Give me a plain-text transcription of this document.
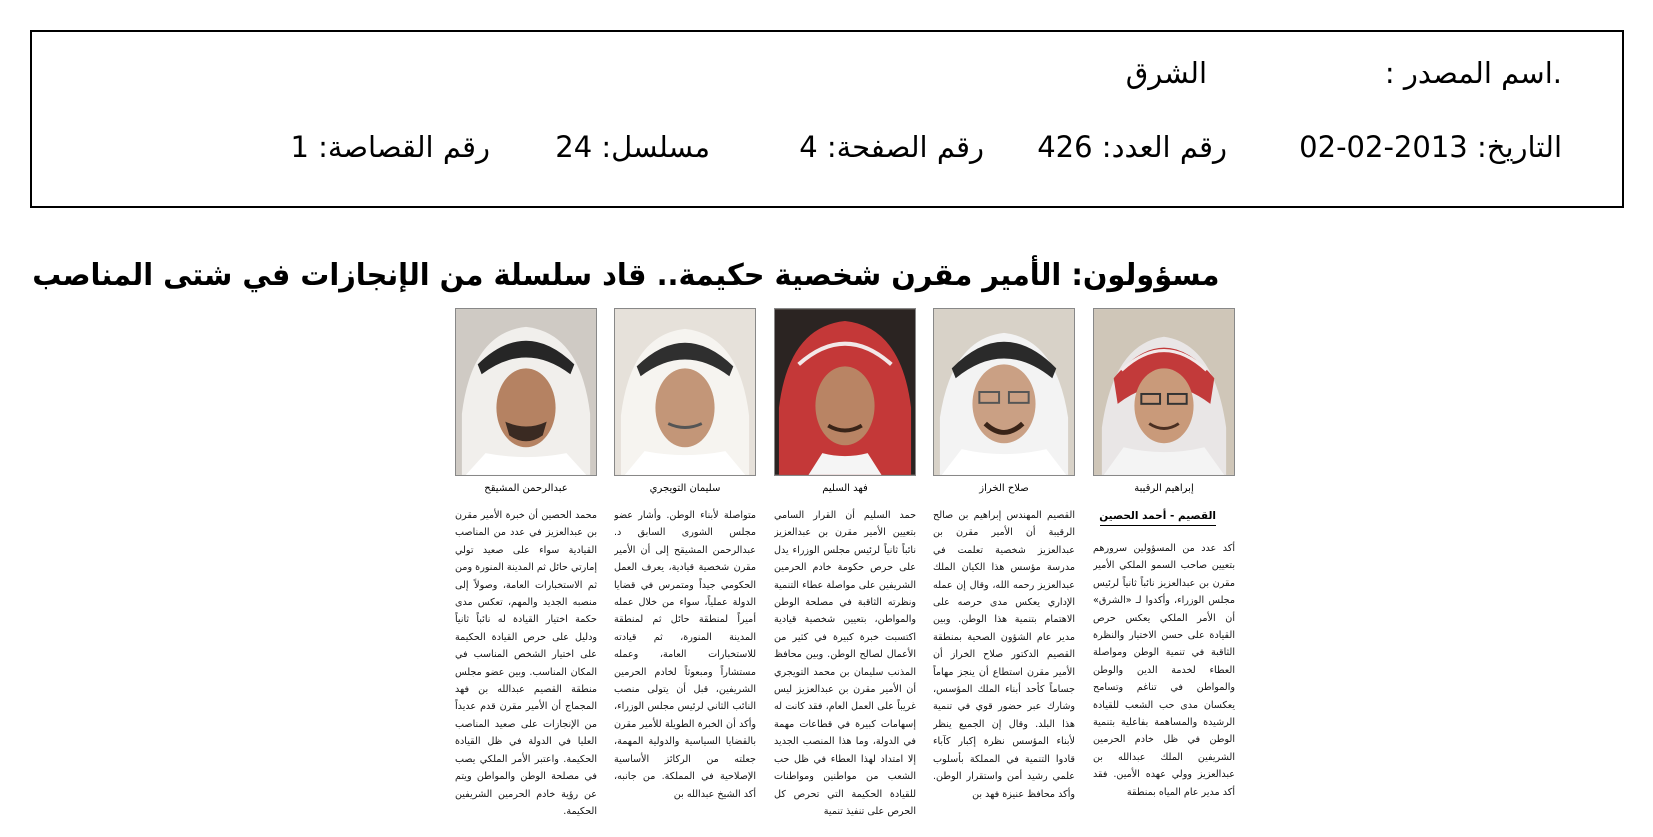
.اسم المصدر :
الشرق
التاريخ: 2013-02-02
رقم العدد: 426
رقم الصفحة: 4
مسلسل: 24
رقم القصاصة: 1
مسؤولون: الأمير مقرن شخصية حكيمة.. قاد سلسلة من الإنجازات في شتى المناصب
إبراهيم الرقيبة
صلاح الخراز
فهد السليم
سليمان التويجري
عبدالرحمن المشيقح
القصيم - أحمد الحصين
أكد عدد من المسؤولين سرورهم بتعيين صاحب السمو الملكي الأمير مقرن بن عبدالعزيز نائباً ثانياً لرئيس مجلس الوزراء، وأكدوا لـ «الشرق» أن الأمر الملكي يعكس حرص القيادة على حسن الاختيار والنظرة الثاقبة في تنمية الوطن ومواصلة العطاء لخدمة الدين والوطن والمواطن في تناغم وتسامح يعكسان مدى حب الشعب للقيادة الرشيدة والمساهمة بفاعلية بتنمية الوطن في ظل خادم الحرمين الشريفين الملك عبدالله بن عبدالعزيز وولي عهده الأمين. فقد أكد مدير عام المياه بمنطقة
القصيم المهندس إبراهيم بن صالح الرقيبة أن الأمير مقرن بن عبدالعزيز شخصية تعلمت في مدرسة مؤسس هذا الكيان الملك عبدالعزيز رحمه الله، وقال إن عمله الإداري يعكس مدى حرصه على الاهتمام بتنمية هذا الوطن. وبين مدير عام الشؤون الصحية بمنطقة القصيم الدكتور صلاح الخراز أن الأمير مقرن استطاع أن ينجز مهاماً جساماً كأحد أبناء الملك المؤسس، وشارك عبر حضور قوي في تنمية هذا البلد. وقال إن الجميع ينظر لأبناء المؤسس نظرة إكبار كآباء قادوا التنمية في المملكة بأسلوب علمي رشيد أمن واستقرار الوطن. وأكد محافظ عنيزة فهد بن
حمد السليم أن القرار السامي بتعيين الأمير مقرن بن عبدالعزيز نائباً ثانياً لرئيس مجلس الوزراء يدل على حرص حكومة خادم الحرمين الشريفين على مواصلة عطاء التنمية ونظرته الثاقبة في مصلحة الوطن والمواطن، بتعيين شخصية قيادية اكتسبت خبرة كبيرة في كثير من الأعمال لصالح الوطن. وبين محافظ المذنب سليمان بن محمد التويجري أن الأمير مقرن بن عبدالعزيز ليس غريباً على العمل العام، فقد كانت له إسهامات كبيرة في قطاعات مهمة في الدولة، وما هذا المنصب الجديد إلا امتداد لهذا العطاء في ظل حب الشعب من مواطنين ومواطنات للقيادة الحكيمة التي تحرص كل الحرص على تنفيذ تنمية
متواصلة لأبناء الوطن. وأشار عضو مجلس الشورى السابق د. عبدالرحمن المشيقح إلى أن الأمير مقرن شخصية قيادية، يعرف العمل الحكومي جيداً ومتمرس في قضايا الدولة عملياً، سواء من خلال عمله أميراً لمنطقة حائل ثم لمنطقة المدينة المنورة، ثم قيادته للاستخبارات العامة، وعمله مستشاراً ومبعوثاً لخادم الحرمين الشريفين، قبل أن يتولى منصب النائب الثاني لرئيس مجلس الوزراء، وأكد أن الخبرة الطويلة للأمير مقرن بالقضايا السياسية والدولية المهمة، جعلته من الركائز الأساسية الإصلاحية في المملكة. من جانبه، أكد الشيخ عبدالله بن
محمد الحصين أن خبرة الأمير مقرن بن عبدالعزيز في عدد من المناصب القيادية سواء على صعيد تولي إمارتي حائل ثم المدينة المنورة ومن ثم الاستخبارات العامة، وصولاً إلى منصبه الجديد والمهم، تعكس مدى حكمة اختيار القيادة له نائباً ثانياً ودليل على حرص القيادة الحكيمة على اختيار الشخص المناسب في المكان المناسب. وبين عضو مجلس منطقة القصيم عبدالله بن فهد المجماج أن الأمير مقرن قدم عديداً من الإنجازات على صعيد المناصب العليا في الدولة في ظل القيادة الحكيمة. واعتبر الأمر الملكي يصب في مصلحة الوطن والمواطن ويتم عن رؤية خادم الحرمين الشريفين الحكيمة.
